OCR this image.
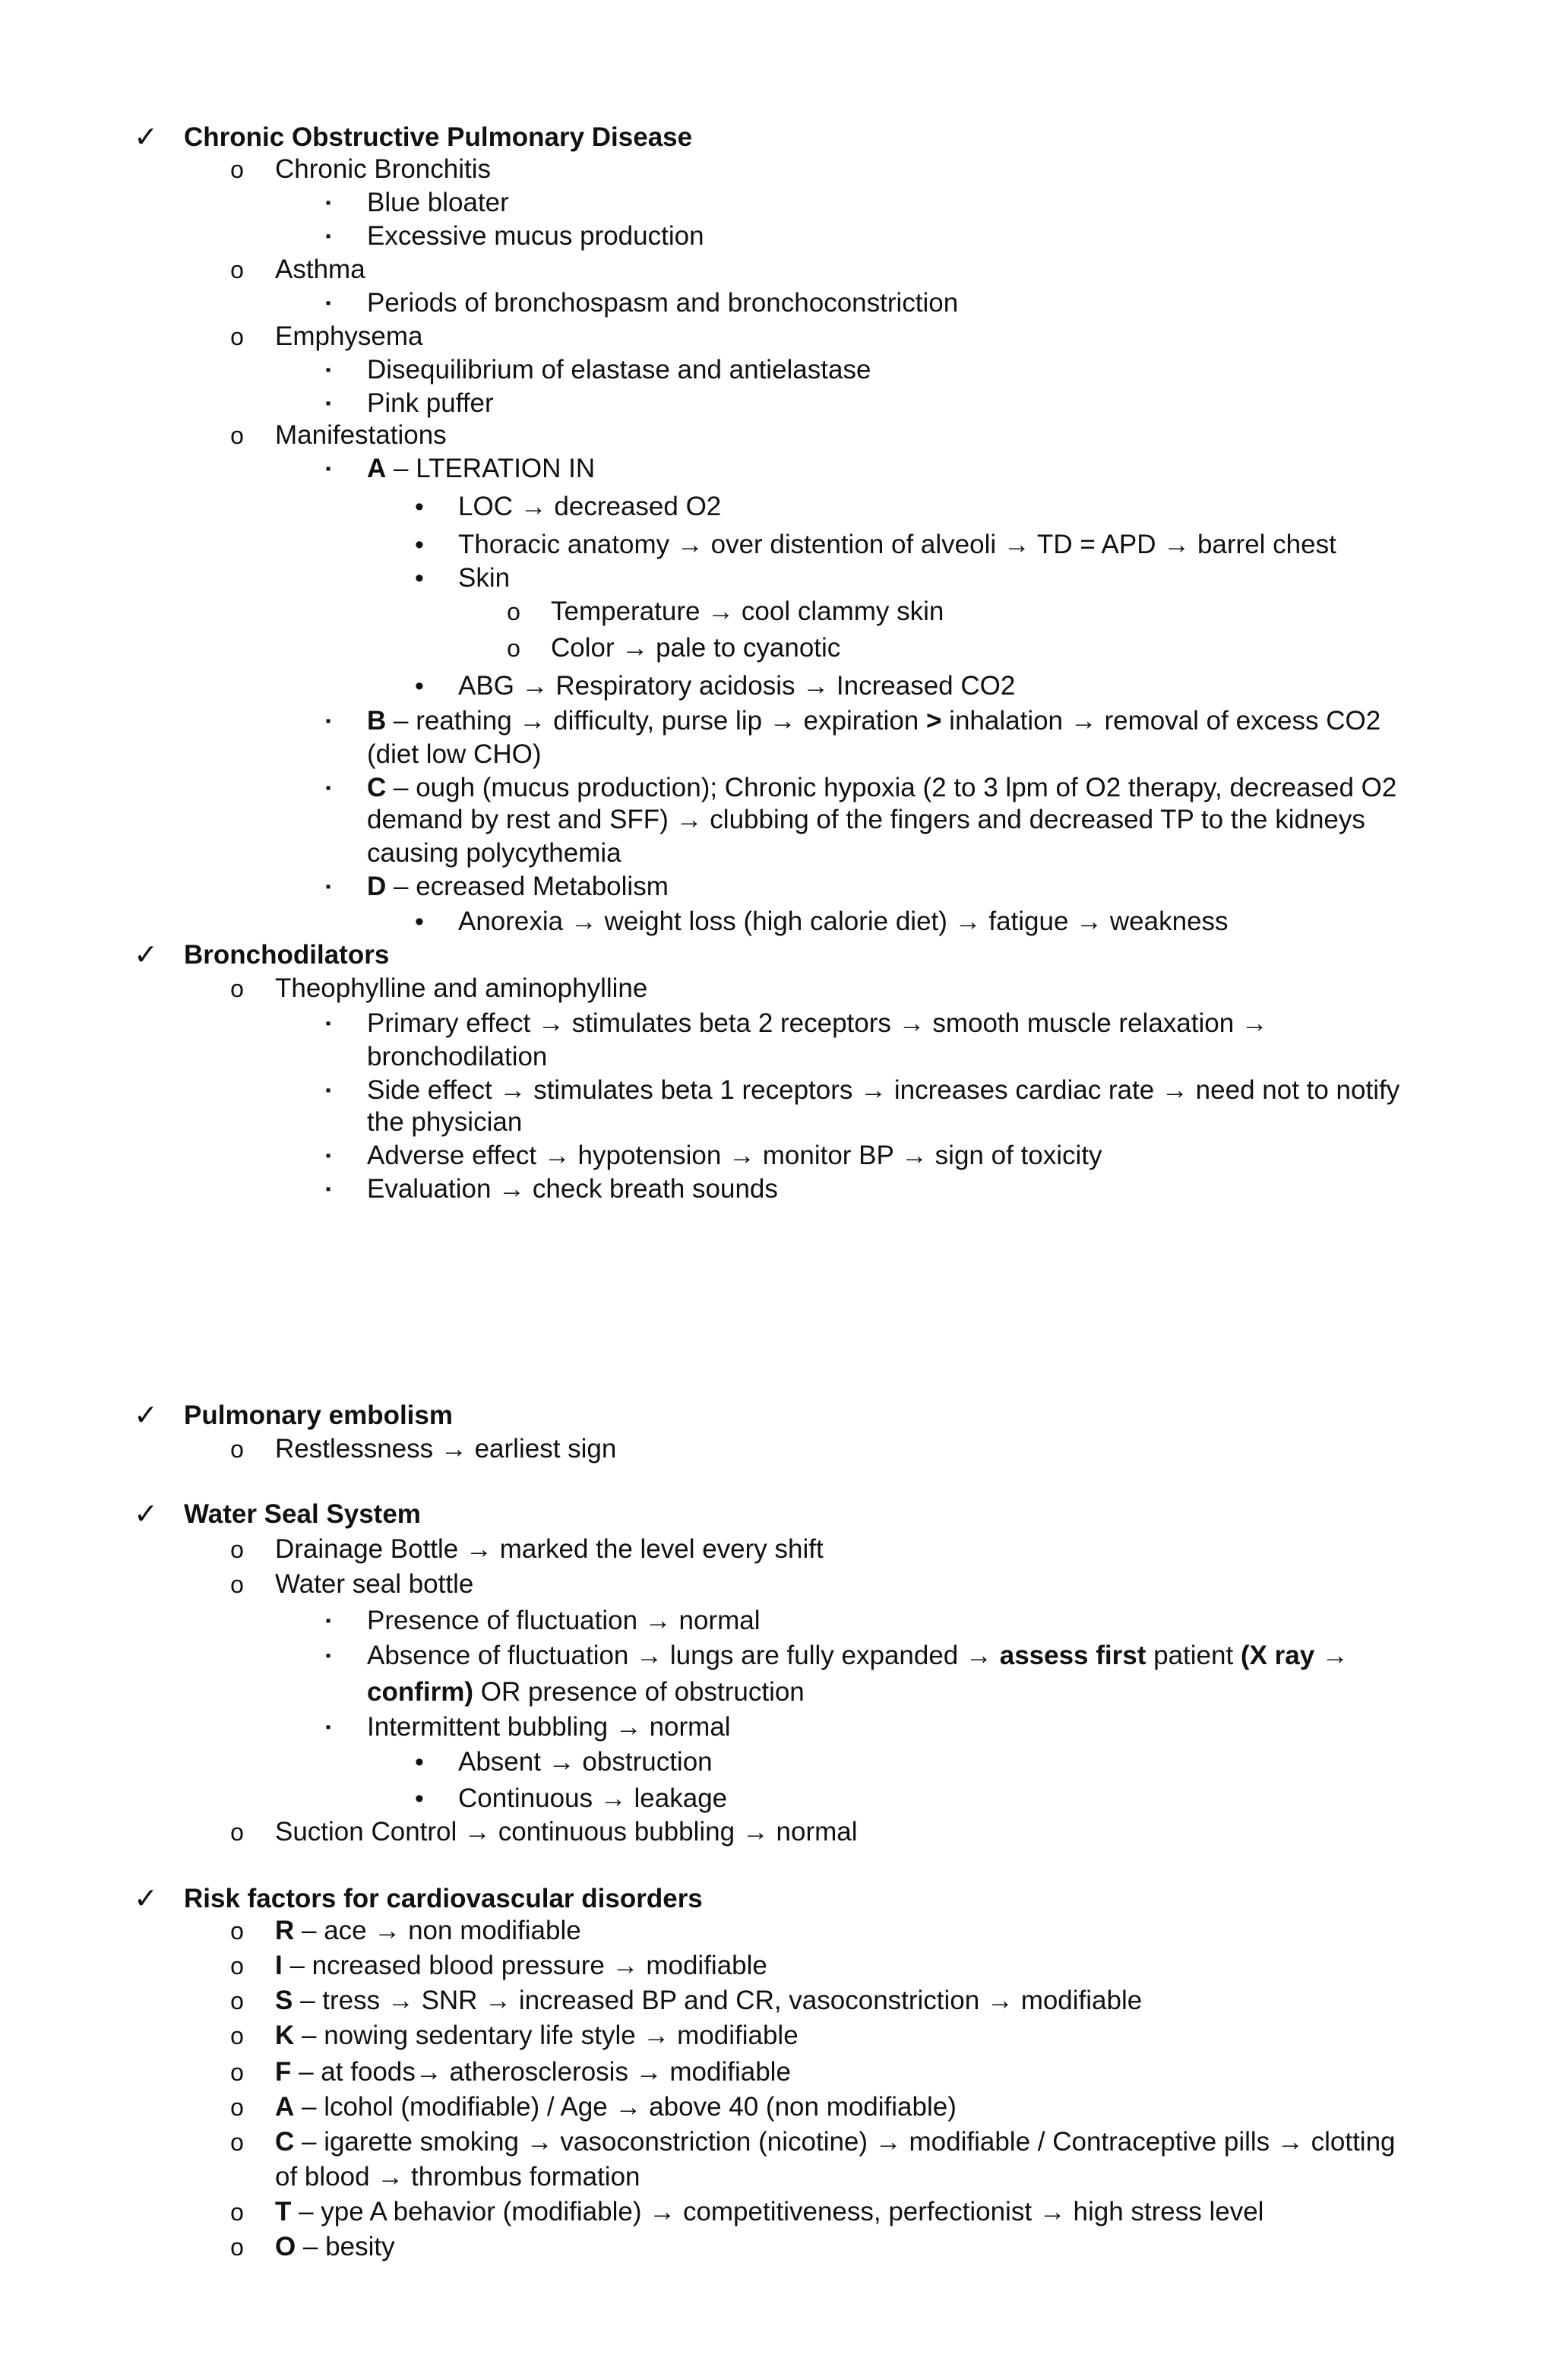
✓ Chronic Obstructive Pulmonary Disease
o	Chronic Bronchitis
▪	Blue bloater
▪	Excessive mucus production
o	Asthma
▪	Periods of bronchospasm and bronchoconstriction
o	Emphysema
▪	Disequilibrium of elastase and antielastase
▪	Pink puffer
o	Manifestations
▪	A – LTERATION IN
•	LOC → decreased O2
•	Thoracic anatomy → over distention of alveoli → TD = APD → barrel chest
•	Skin
o	Temperature → cool clammy skin
o	Color → pale to cyanotic
•	ABG → Respiratory acidosis → Increased CO2
▪	B – reathing → difficulty, purse lip → expiration > inhalation → removal of excess CO2
(diet low CHO)
▪	C – ough (mucus production); Chronic hypoxia (2 to 3 lpm of O2 therapy, decreased O2
demand by rest and SFF) → clubbing of the fingers and decreased TP to the kidneys
causing polycythemia
▪	D – ecreased Metabolism
•	Anorexia → weight loss (high calorie diet) → fatigue → weakness
✓ Bronchodilators
o	Theophylline and aminophylline
▪	Primary effect → stimulates beta 2 receptors → smooth muscle relaxation →
bronchodilation
▪	Side effect → stimulates beta 1 receptors → increases cardiac rate → need not to notify
the physician
▪	Adverse effect → hypotension → monitor BP → sign of toxicity
▪	Evaluation → check breath sounds
✓ Pulmonary embolism
o	Restlessness → earliest sign
✓ Water Seal System
o	Drainage Bottle → marked the level every shift
o	Water seal bottle
▪	Presence of fluctuation → normal
▪	Absence of fluctuation → lungs are fully expanded → assess first patient (X ray →
confirm) OR presence of obstruction
▪	Intermittent bubbling → normal
•	Absent → obstruction
•	Continuous → leakage
o	Suction Control → continuous bubbling → normal
✓ Risk factors for cardiovascular disorders
o	R – ace → non modifiable
o	I – ncreased blood pressure → modifiable
o	S – tress → SNR → increased BP and CR, vasoconstriction → modifiable
o	K – nowing sedentary life style → modifiable
o	F – at foods→ atherosclerosis → modifiable
o	A – lcohol (modifiable) / Age → above 40 (non modifiable)
o	C – igarette smoking → vasoconstriction (nicotine) → modifiable / Contraceptive pills → clotting
of blood → thrombus formation
o	T – ype A behavior (modifiable) → competitiveness, perfectionist → high stress level
o	O – besity
